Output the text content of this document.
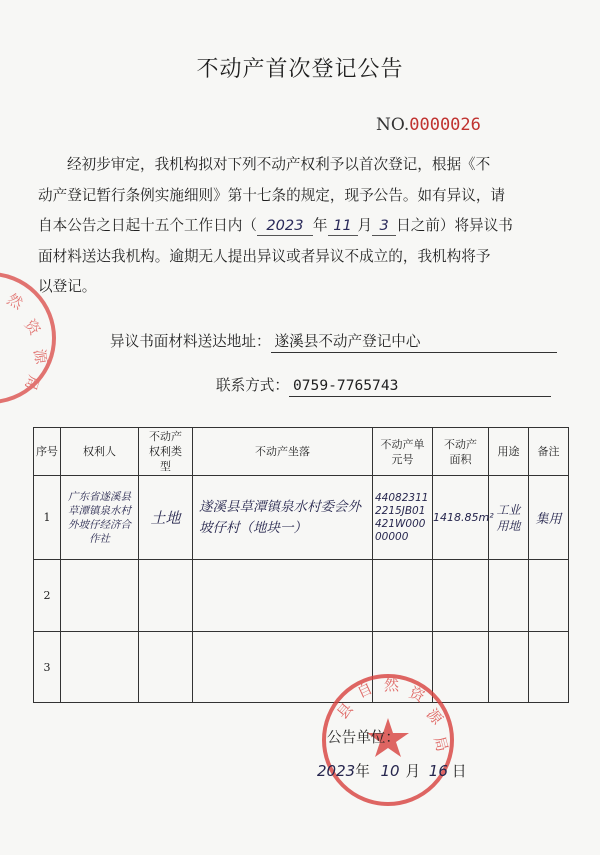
然
资
源
局
不动产首次登记公告
NO.0000026

经初步审定，我机构拟对下列不动产权利予以首次登记，根据《不

动产登记暂行条例实施细则》第十七条的规定，现予公告。如有异议，请
自本公告之日起十五个工作日内（ 2023 年 11 月 3 日之前）将异议书
面材料送达我机构。逾期无人提出异议或者异议不成立的，我机构将予
以登记。
异议书面材料送达地址： 遂溪县不动产登记中心
联系方式： 0759-7765743
序号	权利人	不动产权利类型	不动产坐落	不动产单元号	不动产面积	用途	备注
1	广东省遂溪县草潭镇泉水村外坡仔经济合作社	土地	遂溪县草潭镇泉水村委会外坡仔村（地块一）	440823112215JB01421W00000000	1418.85m²	工业用地	集用
2							
3							
县
自 然 资
源
局
公告单位：
2023年 10 月 16 日
